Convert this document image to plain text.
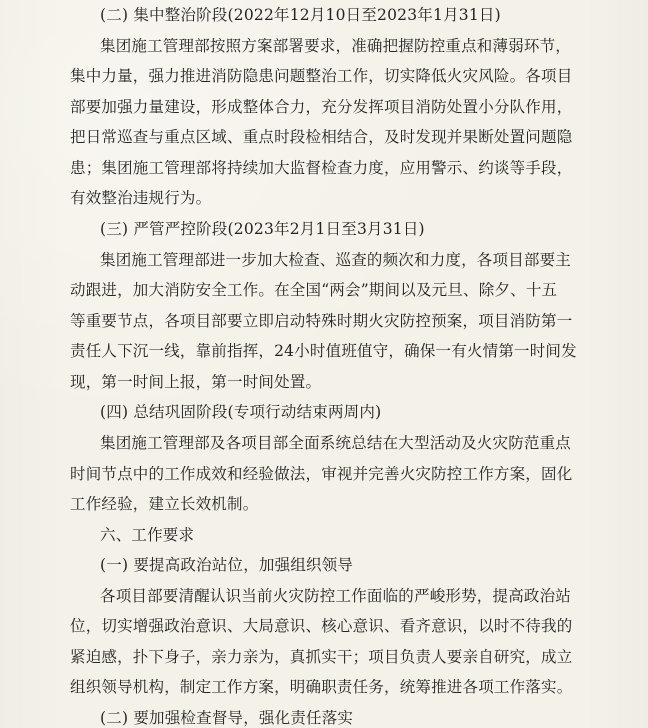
(二) 集中整治阶段(2022年12月10日至2023年1月31日)
集团施工管理部按照方案部署要求，准确把握防控重点和薄弱环节，
集中力量，强力推进消防隐患问题整治工作，切实降低火灾风险。各项目
部要加强力量建设，形成整体合力，充分发挥项目消防处置小分队作用，
把日常巡查与重点区域、重点时段检相结合，及时发现并果断处置问题隐
患；集团施工管理部将持续加大监督检查力度，应用警示、约谈等手段，
有效整治违规行为。
(三) 严管严控阶段(2023年2月1日至3月31日)
集团施工管理部进一步加大检查、巡查的频次和力度，各项目部要主
动跟进，加大消防安全工作。在全国“两会”期间以及元旦、除夕、十五
等重要节点，各项目部要立即启动特殊时期火灾防控预案，项目消防第一
责任人下沉一线，靠前指挥，24小时值班值守，确保一有火情第一时间发
现，第一时间上报，第一时间处置。
(四) 总结巩固阶段(专项行动结束两周内)
集团施工管理部及各项目部全面系统总结在大型活动及火灾防范重点
时间节点中的工作成效和经验做法，审视并完善火灾防控工作方案，固化
工作经验，建立长效机制。
六、工作要求
(一) 要提高政治站位，加强组织领导
各项目部要清醒认识当前火灾防控工作面临的严峻形势，提高政治站
位，切实增强政治意识、大局意识、核心意识、看齐意识，以时不待我的
紧迫感，扑下身子，亲力亲为，真抓实干；项目负责人要亲自研究，成立
组织领导机构，制定工作方案，明确职责任务，统筹推进各项工作落实。
(二) 要加强检查督导，强化责任落实
